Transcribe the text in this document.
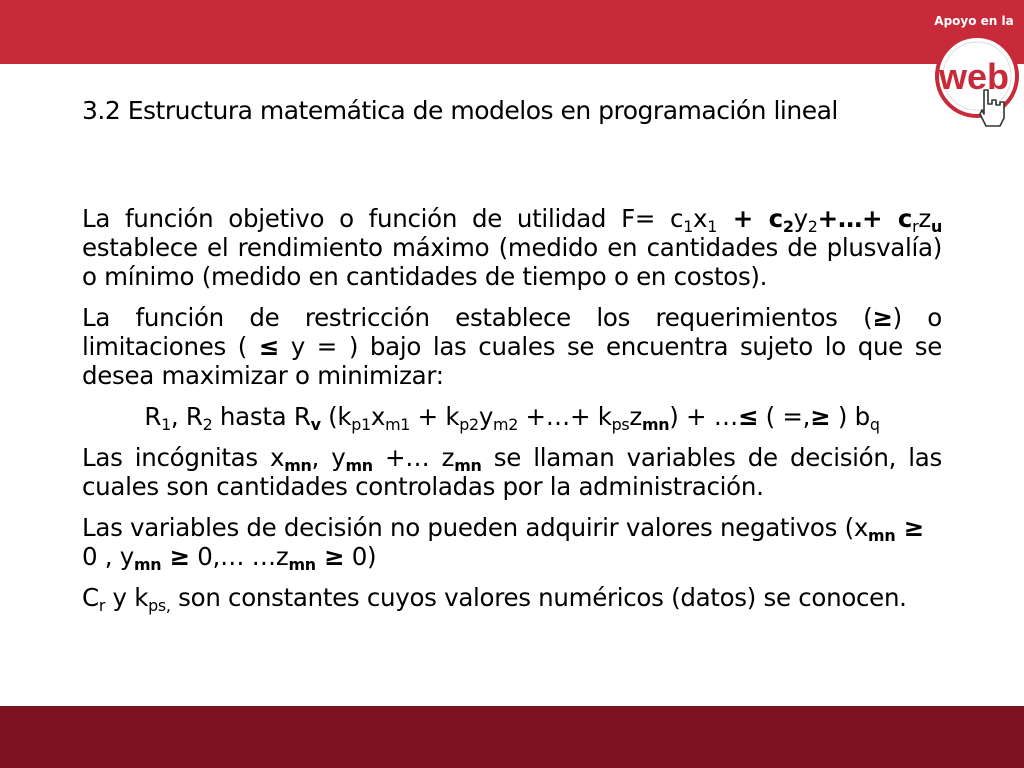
web
Apoyo en la
3.2 Estructura matemática de modelos en programación lineal

La función objetivo o función de utilidad $F= c_1x_1$ + $c_2y_2+\dots+ c_rz_u$ establece el rendimiento máximo (medido en cantidades de plusvalía) o mínimo (medido en cantidades de tiempo o en costos).

La función de restricción establece los requerimientos (≥) o limitaciones ( ≤ y = ) bajo las cuales se encuentra sujeto lo que se desea maximizar o minimizar:

$R_1$, $R_2$ hasta $R_v$ ($k_{p1}x_{m1} + k_{p2}y_{m2}$ +…+ $k_{ps}z_{mn}$) + …≤ ( =,≥ ) $b_q$

Las incógnitas $x_{mn}$, $y_{mn}$ +… $z_{mn}$ se llaman variables de decisión, las cuales son cantidades controladas por la administración.

Las variables de decisión no pueden adquirir valores negativos ($x_{mn} \ge 0$ , $y_{mn}$ ≥ 0,… $\dots z_{mn} \ge 0$)

$C_r$ y $k_{ps,}$ son constantes cuyos valores numéricos (datos) se conocen.
